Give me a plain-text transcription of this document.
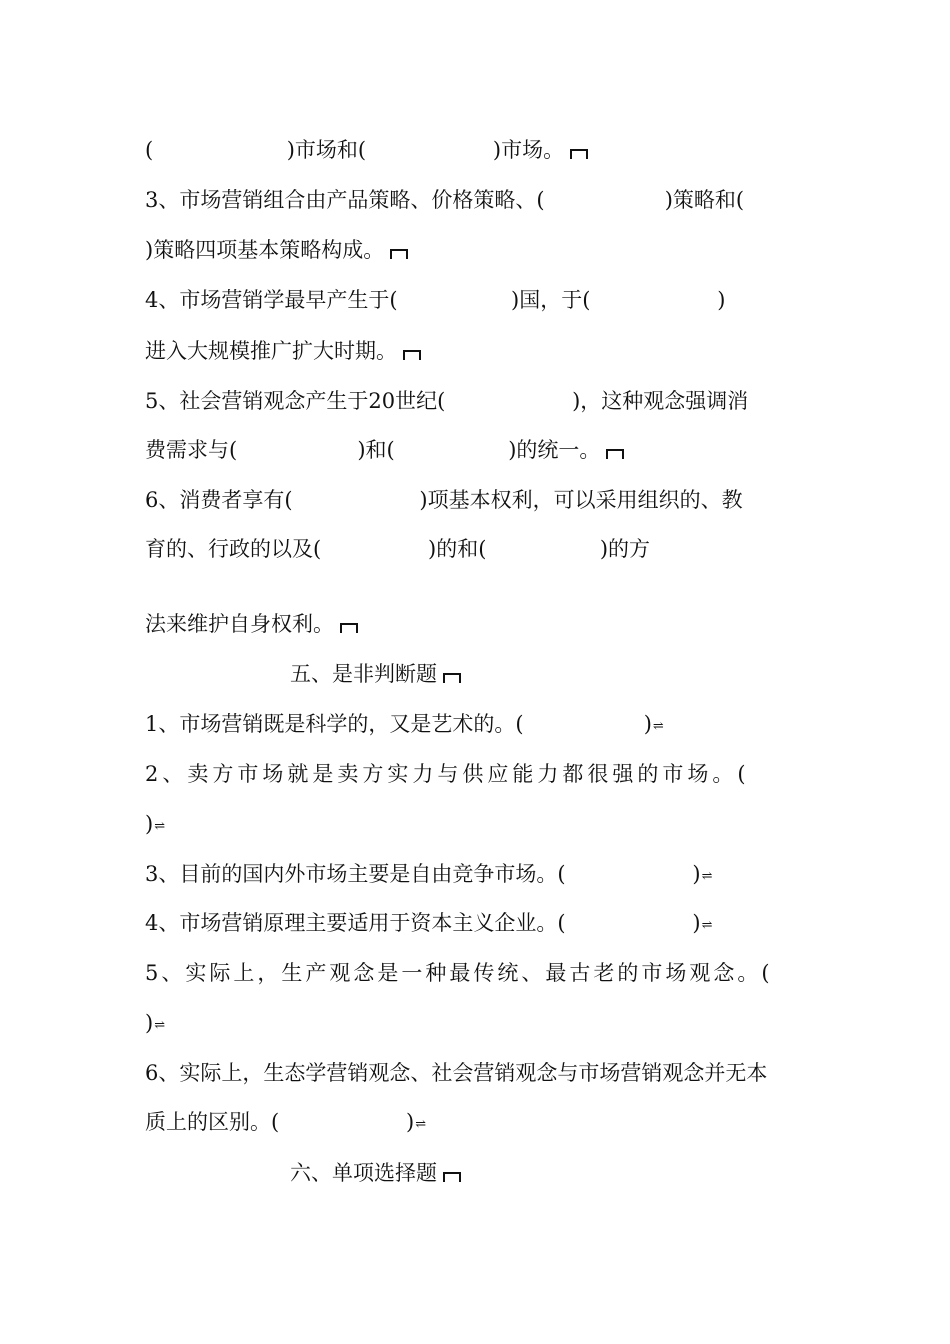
(                    )市场和(                   )市场。
3、市场营销组合由产品策略、价格策略、(                  )策略和(
)策略四项基本策略构成。
4、市场营销学最早产生于(                 )国，于(                   )
进入大规模推广扩大时期。
5、社会营销观念产生于20世纪(                   )，这种观念强调消
费需求与(                  )和(                 )的统一。
6、消费者享有(                   )项基本权利，可以采用组织的、教
育的、行政的以及(                )的和(                 )的方
法来维护自身权利。
五、是非判断题
1、市场营销既是科学的，又是艺术的。(                  )⇌
2、卖方市场就是卖方实力与供应能力都很强的市场。(
)⇌
3、目前的国内外市场主要是自由竞争市场。(                   )⇌
4、市场营销原理主要适用于资本主义企业。(                   )⇌
5、实际上，生产观念是一种最传统、最古老的市场观念。(
)⇌
6、实际上，生态学营销观念、社会营销观念与市场营销观念并无本
质上的区别。(                   )⇌
六、单项选择题
